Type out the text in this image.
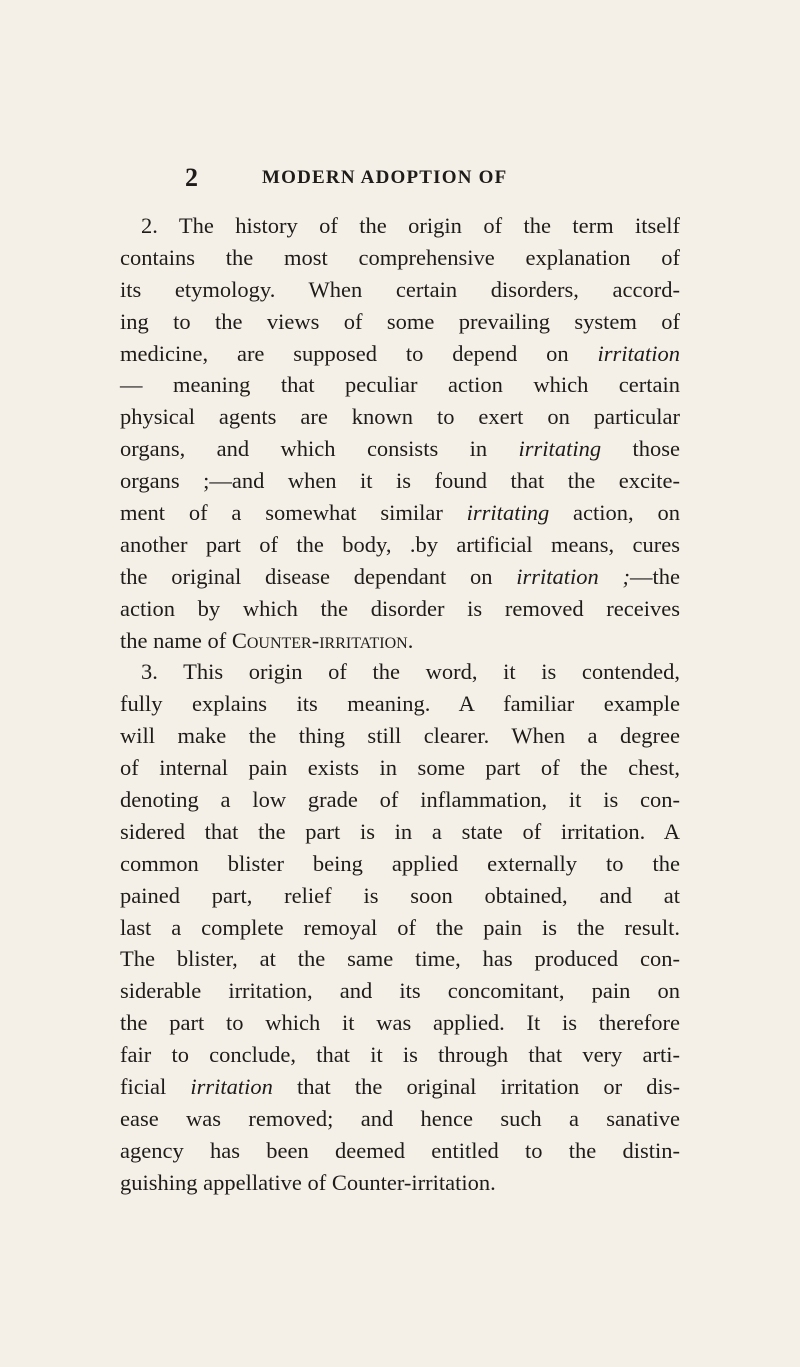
2	MODERN ADOPTION OF
2. The history of the origin of the term itself
contains the most comprehensive explanation of
its etymology. When certain disorders, accord-
ing to the views of some prevailing system of
medicine, are supposed to depend on irritation
— meaning that peculiar action which certain
physical agents are known to exert on particular
organs, and which consists in irritating those
organs ;—and when it is found that the excite-
ment of a somewhat similar irritating action, on
another part of the body, .by artificial means, cures
the original disease dependant on irritation ;—the
action by which the disorder is removed receives
the name of Counter-irritation.
3. This origin of the word, it is contended,
fully explains its meaning. A familiar example
will make the thing still clearer. When a degree
of internal pain exists in some part of the chest,
denoting a low grade of inflammation, it is con-
sidered that the part is in a state of irritation. A
common blister being applied externally to the
pained part, relief is soon obtained, and at
last a complete remoyal of the pain is the result.
The blister, at the same time, has produced con-
siderable irritation, and its concomitant, pain on
the part to which it was applied. It is therefore
fair to conclude, that it is through that very arti-
ficial irritation that the original irritation or dis-
ease was removed; and hence such a sanative
agency has been deemed entitled to the distin-
guishing appellative of Counter-irritation.
